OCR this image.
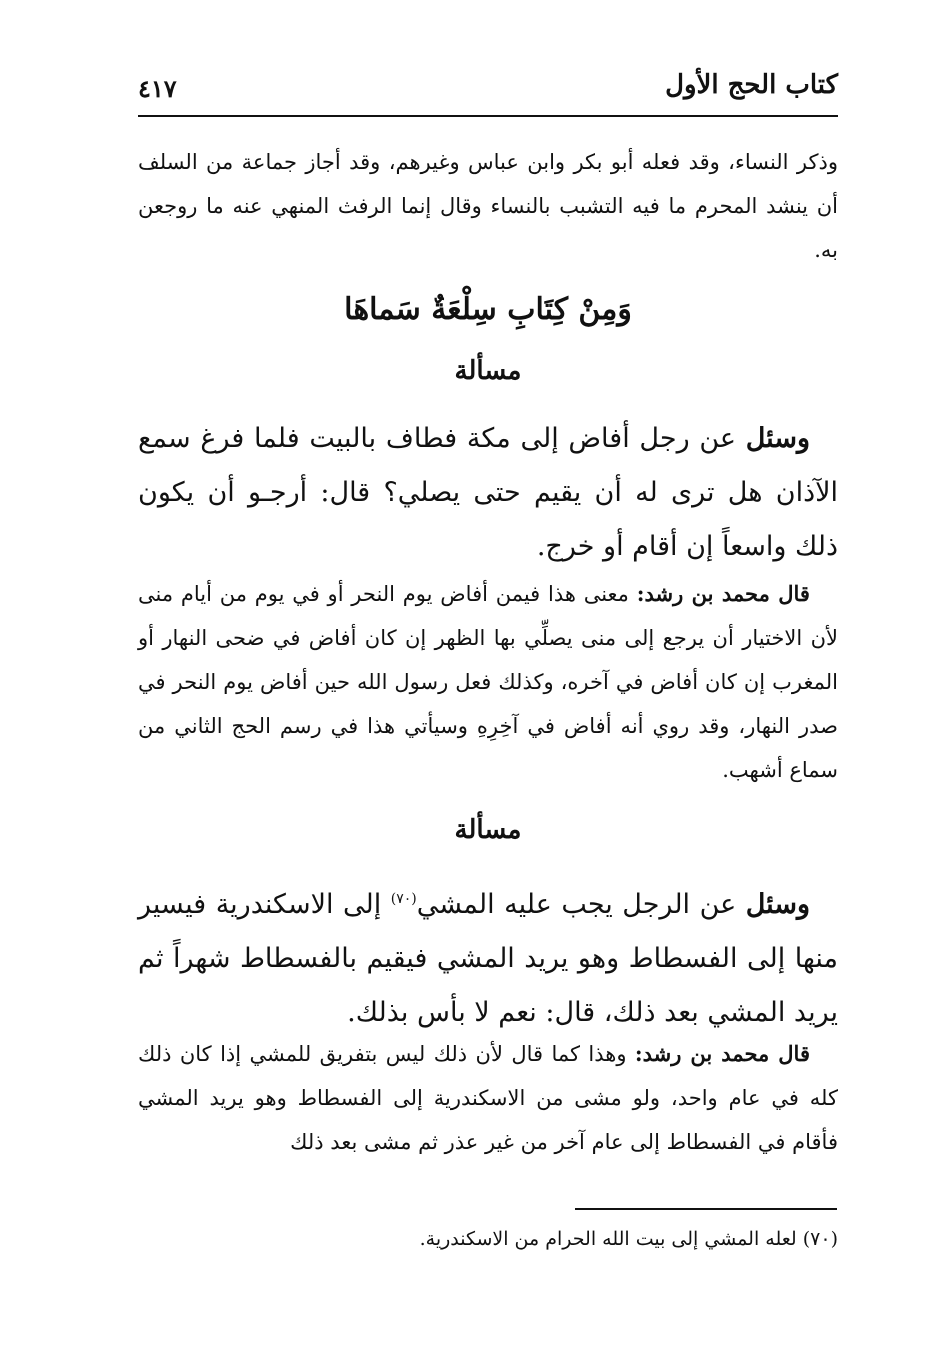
كتاب الحج الأول
٤١٧

وذكر النساء، وقد فعله أبو بكر وابن عباس وغيرهم، وقد أجاز جماعة من السلف أن ينشد المحرم ما فيه التشبب بالنساء وقال إنما الرفث المنهي عنه ما روجعن به.

وَمِنْ كِتَابِ سِلْعَةٌ سَماهَا
مسألة

وسئل عن رجل أفاض إلى مكة فطاف بالبيت فلما فرغ سمع الآذان هل ترى له أن يقيم حتى يصلي؟ قال: أرجـو أن يكون ذلك واسعاً إن أقام أو خرج.

قال محمد بن رشد: معنى هذا فيمن أفاض يوم النحر أو في يوم من أيام منى لأن الاختيار أن يرجع إلى منى يصلِّي بها الظهر إن كان أفاض في ضحى النهار أو المغرب إن كان أفاض في آخره، وكذلك فعل رسول الله حين أفاض يوم النحر في صدر النهار، وقد روي أنه أفاض في آخِرِهِ وسيأتي هذا في رسم الحج الثاني من سماع أشهب.

مسألة

وسئل عن الرجل يجب عليه المشي$^{(٧٠)}$ إلى الاسكندرية فيسير منها إلى الفسطاط وهو يريد المشي فيقيم بالفسطاط شهراً ثم يريد المشي بعد ذلك، قال: نعم لا بأس بذلك.

قال محمد بن رشد: وهذا كما قال لأن ذلك ليس بتفريق للمشي إذا كان ذلك كله في عام واحد، ولو مشى من الاسكندرية إلى الفسطاط وهو يريد المشي فأقام في الفسطاط إلى عام آخر من غير عذر ثم مشى بعد ذلك

(٧٠) لعله المشي إلى بيت الله الحرام من الاسكندرية.
